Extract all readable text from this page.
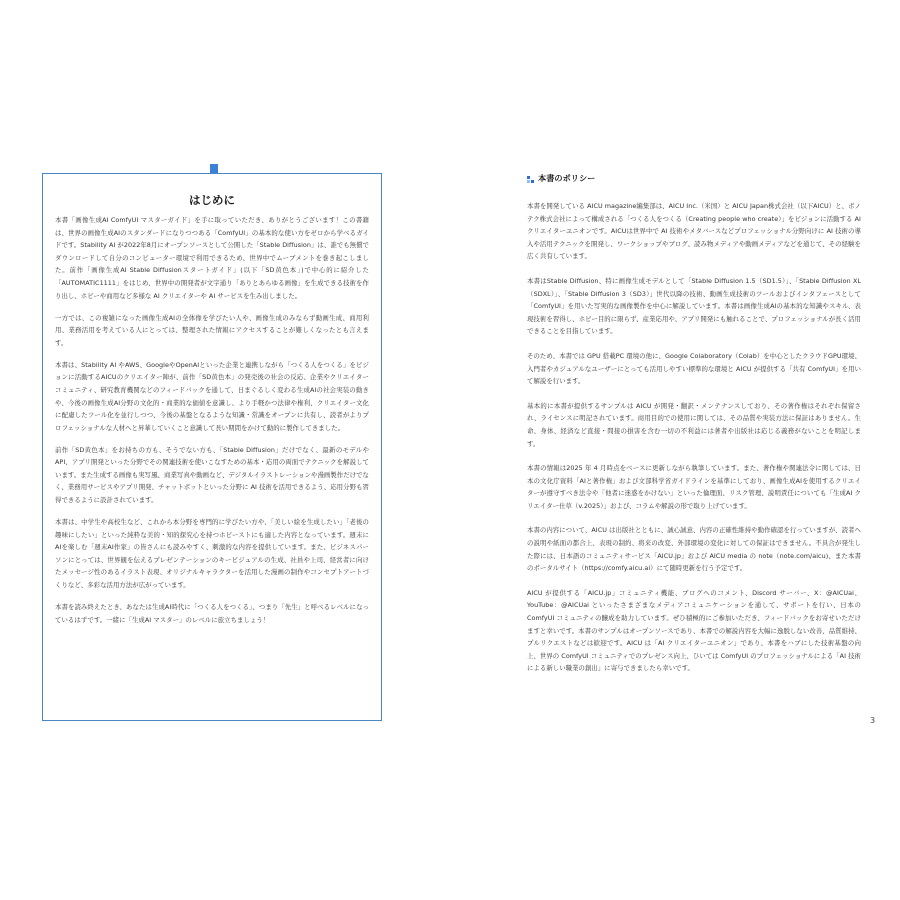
はじめに

本書「画像生成AI ComfyUI マスターガイド」を手に取っていただき、ありがとうございます！この書籍は、世界の画像生成AIのスタンダードになりつつある「ComfyUI」の基本的な使い方をゼロから学べるガイドです。Stability AI が2022年8月にオープンソースとして公開した「Stable Diffusion」は、誰でも無償でダウンロードして自分のコンピューター環境で利用できるため、世界中でムーブメントを巻き起こしました。前作「画像生成AI Stable Diffusionスタートガイド」(以下「SD黄色本」)で中心的に紹介した「AUTOMATIC1111」をはじめ、世界中の開発者が文字通り「ありとあらゆる画像」を生成できる技術を作り出し、ホビーや商用など多様な AI クリエイターや AI サービスを生み出しました。

一方では、この複雑になった画像生成AIの全体像を学びたい人や、画像生成のみならず動画生成、商用利用、業務活用を考えている人にとっては、整理された情報にアクセスすることが難しくなったとも言えます。

本書は、Stability AI やAWS、GoogleやOpenAIといった企業と連携しながら「つくる人をつくる」をビジョンに活動するAICUのクリエイター陣が、前作「SD黄色本」の発売後の社会の反応、企業やクリエイターコミュニティ、研究教育機関などのフィードバックを通して、日まぐるしく変わる生成AIの社会実装の動きや、今後の画像生成AI分野の文化的・商業的な価値を意識し、より手軽かつ法律や権利、クリエイター文化に配慮したツール化を並行しつつ、今後の基盤となるような知識・常識をオープンに共有し、読者がよりプロフェッショナルな人材へと昇華していくこと意識して長い期間をかけて動的に製作してきました。

前作「SD黄色本」をお持ちの方も、そうでない方も、「Stable Diffusion」だけでなく、最新のモデルやAPI、アプリ開発といった分野でその関連技術を使いこなすための基本・応用の両面でテクニックを解説しています。また生成する画像も実写風、商業写真や動画など、デジタルイラストレーションや漫画製作だけでなく、業務用サービスやアプリ開発、チャットボットといった分野に AI 技術を活用できるよう、応用分野も習得できるように設計されています。

本書は、中学生や高校生など、これから本分野を専門的に学びたい方や、「美しい絵を生成したい」「老後の趣味にしたい」といった純粋な美的・知的探究心を持つホビーストにも適した内容となっています。週末にAIを楽しむ「週末AI作家」の皆さんにも読みやすく、刺激的な内容を提供しています。また、ビジネスパーソンにとっては、世界観を伝えるプレゼンテーションのキービジュアルの生成、社員や上司、経営者に向けたメッセージ性のあるイラスト表現、オリジナルキャラクターを活用した漫画の制作やコンセプトアートづくりなど、多彩な活用方法が広がっています。

本書を読み終えたとき、あなたは生成AI時代に「つくる人をつくる」、つまり「先生」と呼べるレベルになっているはずです。一緒に「生成AI マスター」のレベルに旅立ちましょう！

本書のポリシー

本書を開発している AICU magazine編集部は、AICU Inc.（米国）と AICU Japan株式会社（以下AICU）と、ボノテク株式会社によって構成される「つくる人をつくる（Creating people who create）」をビジョンに活動する AI クリエイターユニオンです。AICUは世界中で AI 技術やメタバースなどプロフェッショナル分野向けに AI 技術の導入や活用テクニックを開発し、ワークショップやブログ、読み物メディアや動画メディアなどを通じて、その経験を広く共有しています。

本書はStable Diffusion、特に画像生成モデルとして「Stable Diffusion 1.5（SD1.5）」、「Stable Diffusion XL（SDXL）」、「Stable Diffusion 3（SD3）」世代以降の技術、動画生成技術のツールおよびインタフェースとして「ComfyUI」を用いた写実的な画像製作を中心に解説しています。本書は画像生成AIの基本的な知識やスキル、表現技術を習得し、ホビー目的に限らず、産業応用や、アプリ開発にも触れることで、プロフェッショナルが長く活用できることを目指しています。

そのため、本書では GPU 搭載PC 環境の他に、Google Colaboratory（Colab）を中心としたクラウドGPU環境、入門者やカジュアルなユーザーにとっても活用しやすい標準的な環境と AICU が提供する「共有 ComfyUI」を用いて解説を行います。

基本的に本書が提供するサンプルは AICU が開発・翻訳・メンテナンスしており、その著作権はそれぞれ保留され、ライセンスに明記されています。商用目的での使用に関しては、その品質や実装方法に保証はありません。生命、身体、経済など直接・間接の損害を含む一切の不利益には著者や出版社は応じる義務がないことを明記します。

本書の情報は2025 年 4 月時点をベースに更新しながら執筆しています。また、著作権や関連法令に関しては、日本の文化庁資料「AIと著作権」および文部科学省ガイドラインを基準にしており、画像生成AIを使用するクリエイターが遵守すべき法令や「他者に迷惑をかけない」といった倫理面、リスク管理、説明責任についても「生成AI クリエイター仕草（v.2025）」および、コラムや解説の形で取り上げています。

本書の内容について、AICU は出版社とともに、誠心誠意、内容の正確性維持や動作確認を行っていますが、読者への説明や紙面の都合上、表現の制約、将来の改変、外部環境の変化に対しての保証はできません。不具合が発生した際には、日本語のコミュニティサービス「AICU.jp」および AICU media の note（note.com/aicu)、また本書のポータルサイト（https://comfy.aicu.ai）にて随時更新を行う予定です。

AICU が提供する「AICU.jp」コミュニティ機能、ブログへのコメント、Discord サーバー、X：@AICUai、YouTube：@AICUai といったさまざまなメディアコミュニケーションを通して、サポートを行い、日本の ComfyUI コミュニティの醸成を助力しています。ぜひ積極的にご参加いただき、フィードバックをお寄せいただけますと幸いです。本書のサンプルはオープンソースであり、本書での解説内容を大幅に逸脱しない改善、品質維持、プルリクエストなどは歓迎です。AICU は「AI クリエイターユニオン」であり、本書をハブにした技術基盤の向上、世界の ComfyUI コミュニティでのプレゼンス向上、ひいては ComfyUI のプロフェッショナルによる「AI 技術による新しい職業の創出」に寄与できましたら幸いです。

3
